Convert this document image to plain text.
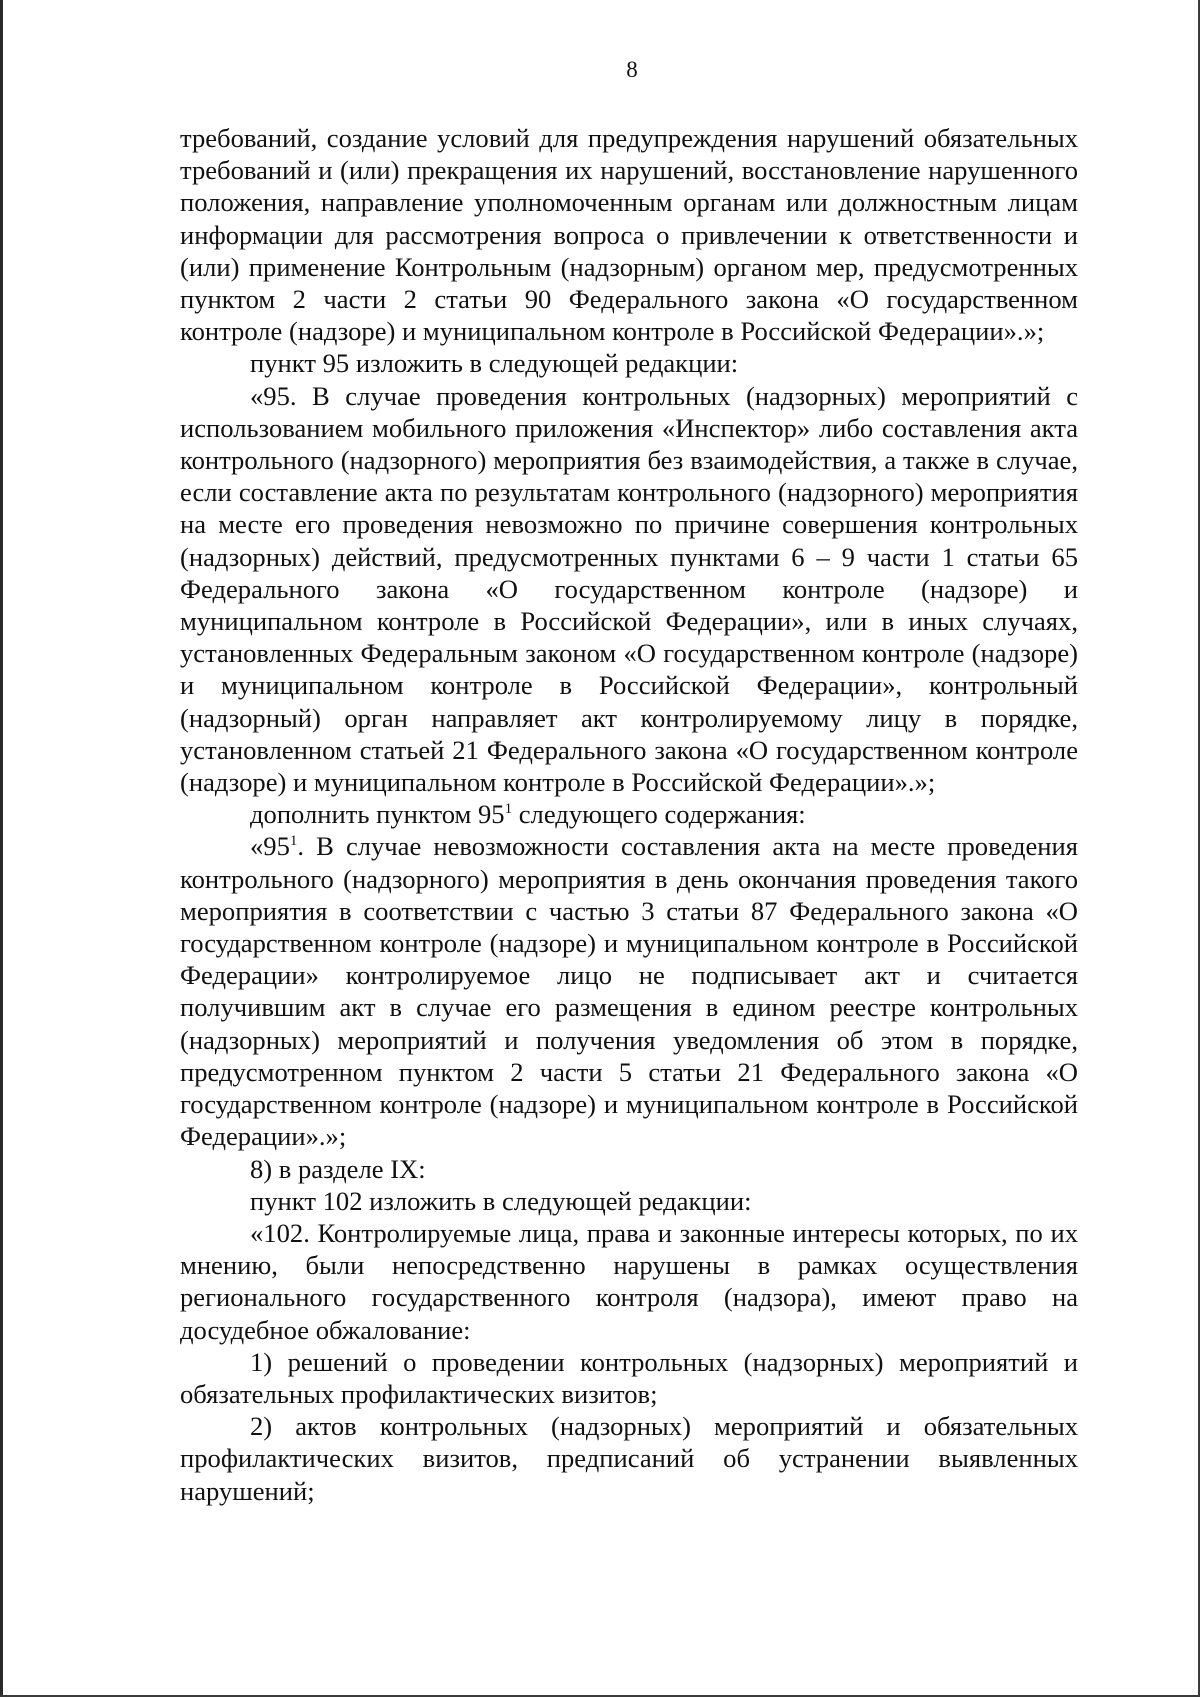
8

требований, создание условий для предупреждения нарушений обязательных требований и (или) прекращения их нарушений, восстановление нарушенного положения, направление уполномоченным органам или должностным лицам информации для рассмотрения вопроса о привлечении к ответственности и (или) применение Контрольным (надзорным) органом мер, предусмотренных пунктом 2 части 2 статьи 90 Федерального закона «О государственном контроле (надзоре) и муниципальном контроле в Российской Федерации».»;

пункт 95 изложить в следующей редакции:

«95. В случае проведения контрольных (надзорных) мероприятий с использованием мобильного приложения «Инспектор» либо составления акта контрольного (надзорного) мероприятия без взаимодействия, а также в случае, если составление акта по результатам контрольного (надзорного) мероприятия на месте его проведения невозможно по причине совершения контрольных (надзорных) действий, предусмотренных пунктами 6 – 9 части 1 статьи 65 Федерального закона «О государственном контроле (надзоре) и муниципальном контроле в Российской Федерации», или в иных случаях, установленных Федеральным законом «О государственном контроле (надзоре) и муниципальном контроле в Российской Федерации», контрольный (надзорный) орган направляет акт контролируемому лицу в порядке, установленном статьей 21 Федерального закона «О государственном контроле (надзоре) и муниципальном контроле в Российской Федерации».»;

дополнить пунктом $95^1$ следующего содержания:

«$95^1$. В случае невозможности составления акта на месте проведения контрольного (надзорного) мероприятия в день окончания проведения такого мероприятия в соответствии с частью 3 статьи 87 Федерального закона «О государственном контроле (надзоре) и муниципальном контроле в Российской Федерации» контролируемое лицо не подписывает акт и считается получившим акт в случае его размещения в едином реестре контрольных (надзорных) мероприятий и получения уведомления об этом в порядке, предусмотренном пунктом 2 части 5 статьи 21 Федерального закона «О государственном контроле (надзоре) и муниципальном контроле в Российской Федерации».»;

8) в разделе IX:

пункт 102 изложить в следующей редакции:

«102. Контролируемые лица, права и законные интересы которых, по их мнению, были непосредственно нарушены в рамках осуществления регионального государственного контроля (надзора), имеют право на досудебное обжалование:

1) решений о проведении контрольных (надзорных) мероприятий и обязательных профилактических визитов;

2) актов контрольных (надзорных) мероприятий и обязательных профилактических визитов, предписаний об устранении выявленных нарушений;
